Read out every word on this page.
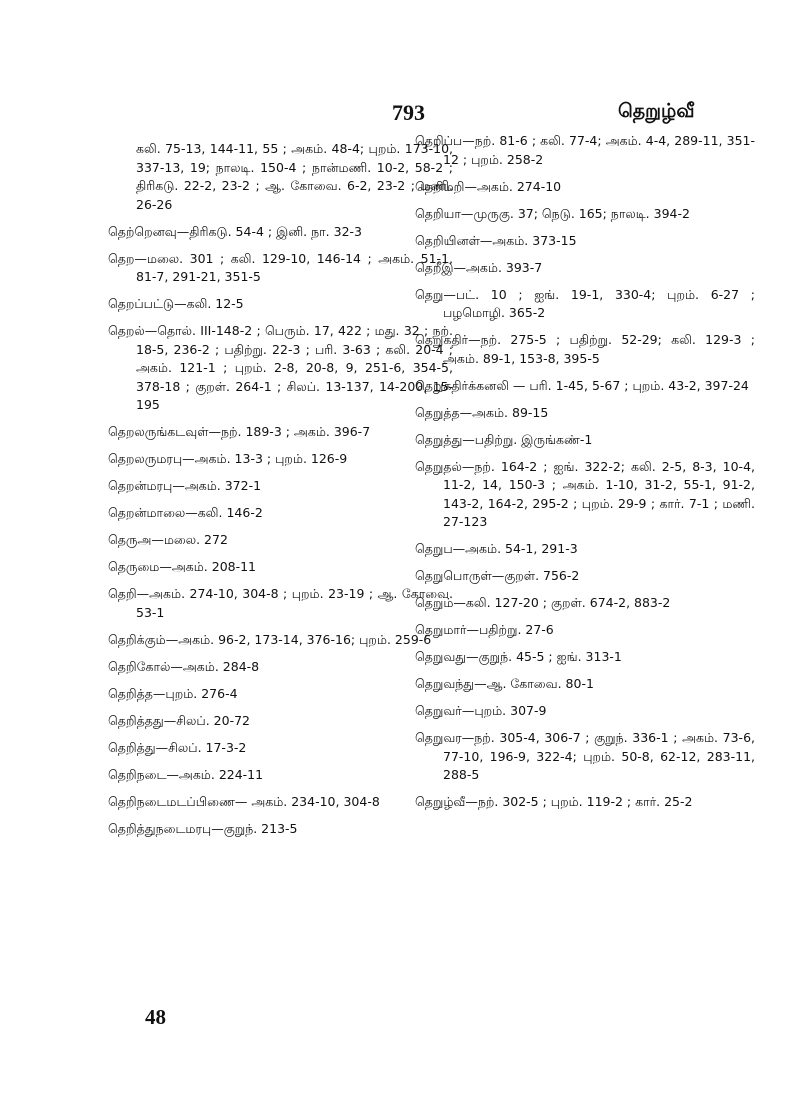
793	தெறுழ்வீ
கலி. 75-13, 144-11, 55 ; அகம். 48-4; புறம். 173-10, 337-13, 19; நாலடி. 150-4 ; நான்மணி. 10-2, 58-2 ; திரிகடு. 22-2, 23-2 ; ஆ. கோவை. 6-2, 23-2 ; மணி. 26-26
தெற்றெனவு—திரிகடு. 54-4 ; இனி. நா. 32-3
தெற—மலை. 301 ; கலி. 129-10, 146-14 ; அகம். 51-1, 81-7, 291-21, 351-5
தெறப்பட்டு—கலி. 12-5
தெறல்—தொல். III-148-2 ; பெரும். 17, 422 ; மது. 32 ; நற். 18-5, 236-2 ; பதிற்று. 22-3 ; பரி. 3-63 ; கலி. 20-4 ; அகம். 121-1 ; புறம். 2-8, 20-8, 9, 251-6, 354-5, 378-18 ; குறள். 264-1 ; சிலப். 13-137, 14-200, 15-195
தெறலருங்கடவுள்—நற். 189-3 ; அகம். 396-7
தெறலருமரபு—அகம். 13-3 ; புறம். 126-9
தெறன்மரபு—அகம். 372-1
தெறன்மாலை—கலி. 146-2
தெருஅ—மலை. 272
தெருமை—அகம். 208-11
தெறி—அகம். 274-10, 304-8 ; புறம். 23-19 ; ஆ. கோவை. 53-1
தெறிக்கும்—அகம். 96-2, 173-14, 376-16; புறம். 259-6
தெறிகோல்—அகம். 284-8
தெறித்த—புறம். 276-4
தெறித்தது—சிலப். 20-72
தெறித்து—சிலப். 17-3-2
தெறிநடை—அகம். 224-11
தெறிநடைமடப்பிணை— அகம். 234-10, 304-8
தெறித்துநடைமரபு—குறுந். 213-5
தெறிப்ப—நற். 81-6 ; கலி. 77-4; அகம். 4-4, 289-11, 351-12 ; புறம். 258-2
தெறிமறி—அகம். 274-10
தெறியா—முருகு. 37; நெடு. 165; நாலடி. 394-2
தெறியினள்—அகம். 373-15
தெறீஇ—அகம். 393-7
தெறு—பட். 10 ; ஐங். 19-1, 330-4; புறம். 6-27 ; பழமொழி. 365-2
தெறுகதிர்—நற். 275-5 ; பதிற்று. 52-29; கலி. 129-3 ; அகம். 89-1, 153-8, 395-5
தெறுகதிர்க்கனலி — பரி. 1-45, 5-67 ; புறம். 43-2, 397-24
தெறுத்த—அகம். 89-15
தெறுத்து—பதிற்று. இருங்கண்-1
தெறுதல்—நற். 164-2 ; ஐங். 322-2; கலி. 2-5, 8-3, 10-4, 11-2, 14, 150-3 ; அகம். 1-10, 31-2, 55-1, 91-2, 143-2, 164-2, 295-2 ; புறம். 29-9 ; கார். 7-1 ; மணி. 27-123
தெறுப—அகம். 54-1, 291-3
தெறுபொருள்—குறள். 756-2
தெறும்—கலி. 127-20 ; குறள். 674-2, 883-2
தெறுமார்—பதிற்று. 27-6
தெறுவது—குறுந். 45-5 ; ஐங். 313-1
தெறுவந்து—ஆ. கோவை. 80-1
தெறுவர்—புறம். 307-9
தெறுவர—நற். 305-4, 306-7 ; குறுந். 336-1 ; அகம். 73-6, 77-10, 196-9, 322-4; புறம். 50-8, 62-12, 283-11, 288-5
தெறுழ்வீ—நற். 302-5 ; புறம். 119-2 ; கார். 25-2
48
